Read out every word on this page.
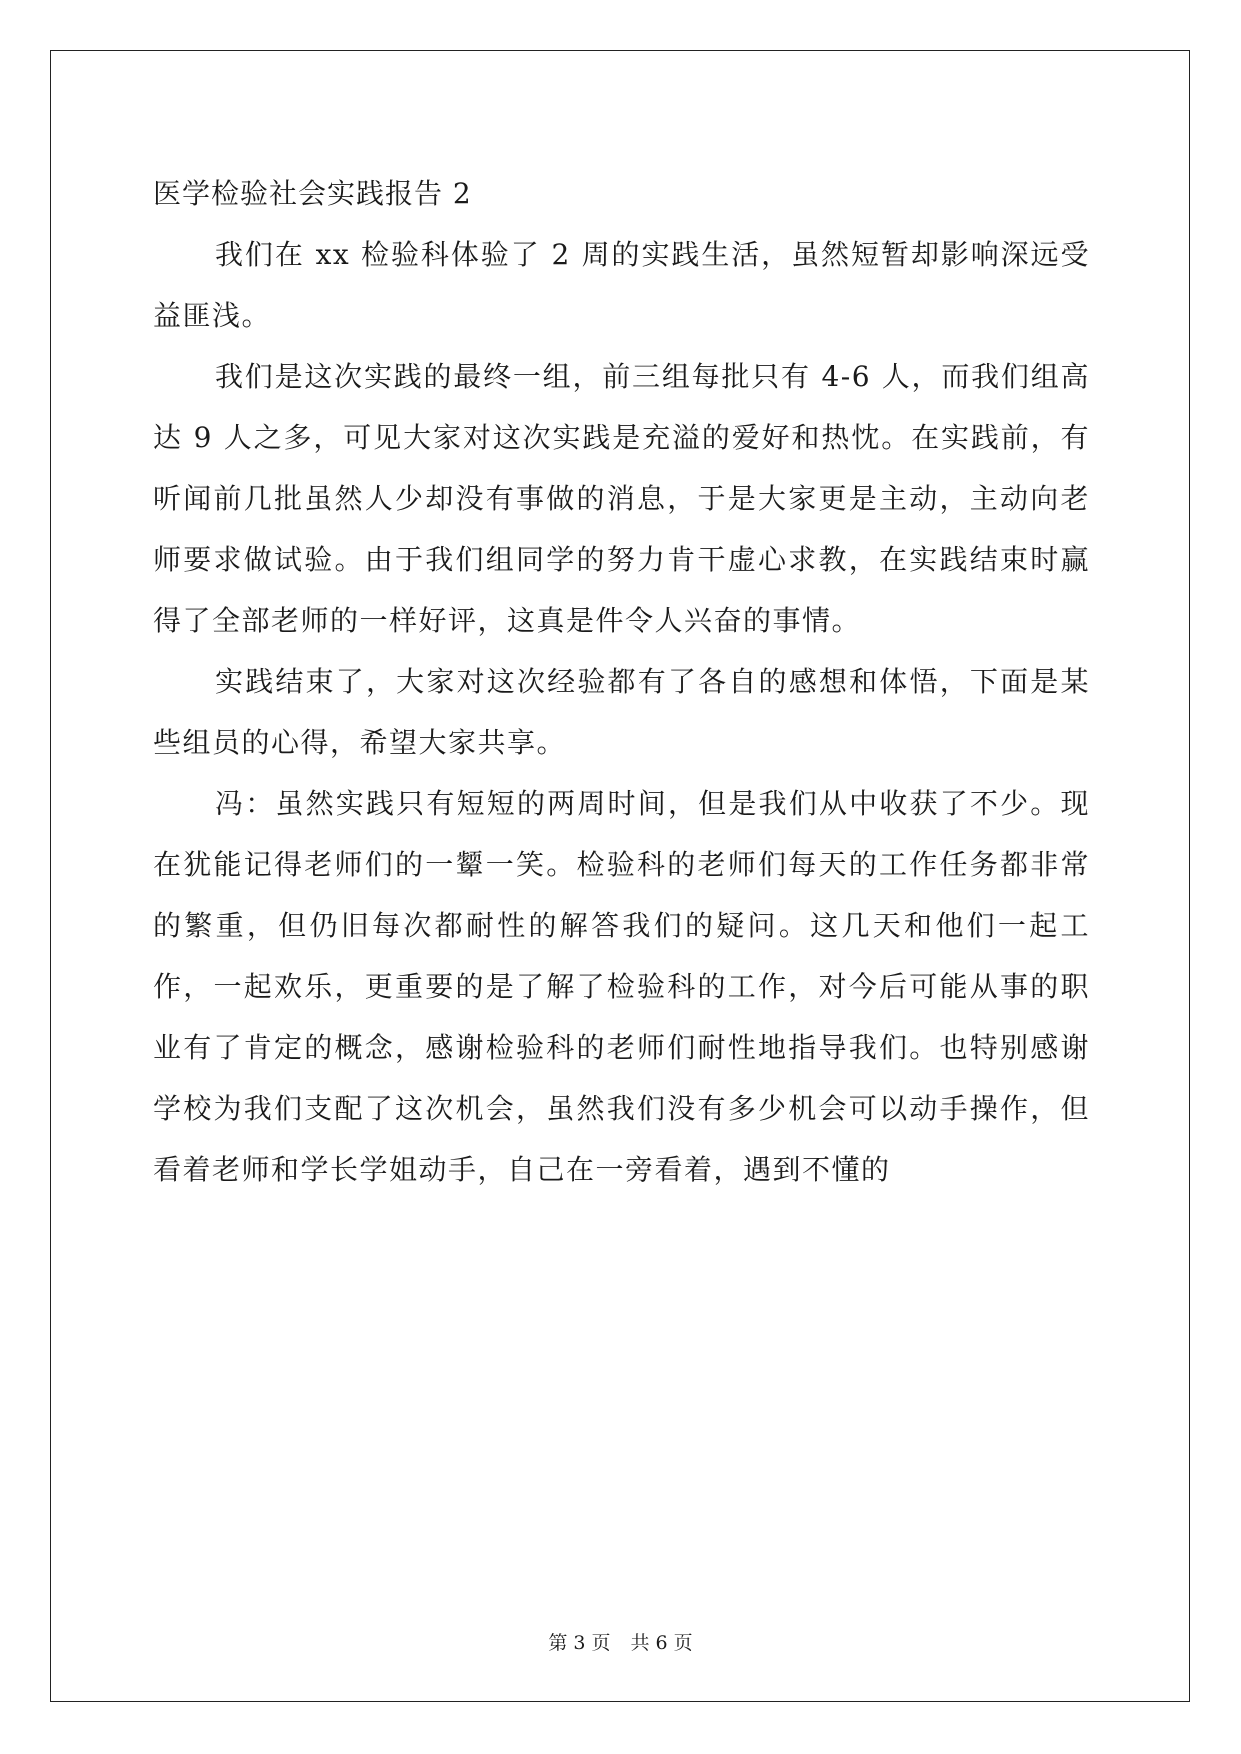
医学检验社会实践报告 2

我们在 xx 检验科体验了 2 周的实践生活，虽然短暂却影响深远受益匪浅。

我们是这次实践的最终一组，前三组每批只有 4-6 人，而我们组高达 9 人之多，可见大家对这次实践是充溢的爱好和热忱。在实践前，有听闻前几批虽然人少却没有事做的消息，于是大家更是主动，主动向老师要求做试验。由于我们组同学的努力肯干虚心求教，在实践结束时赢得了全部老师的一样好评，这真是件令人兴奋的事情。

实践结束了，大家对这次经验都有了各自的感想和体悟，下面是某些组员的心得，希望大家共享。

冯：虽然实践只有短短的两周时间，但是我们从中收获了不少。现在犹能记得老师们的一颦一笑。检验科的老师们每天的工作任务都非常的繁重，但仍旧每次都耐性的解答我们的疑问。这几天和他们一起工作，一起欢乐，更重要的是了解了检验科的工作，对今后可能从事的职业有了肯定的概念，感谢检验科的老师们耐性地指导我们。也特别感谢学校为我们支配了这次机会，虽然我们没有多少机会可以动手操作，但看着老师和学长学姐动手，自己在一旁看着，遇到不懂的

第 3 页 共 6 页
